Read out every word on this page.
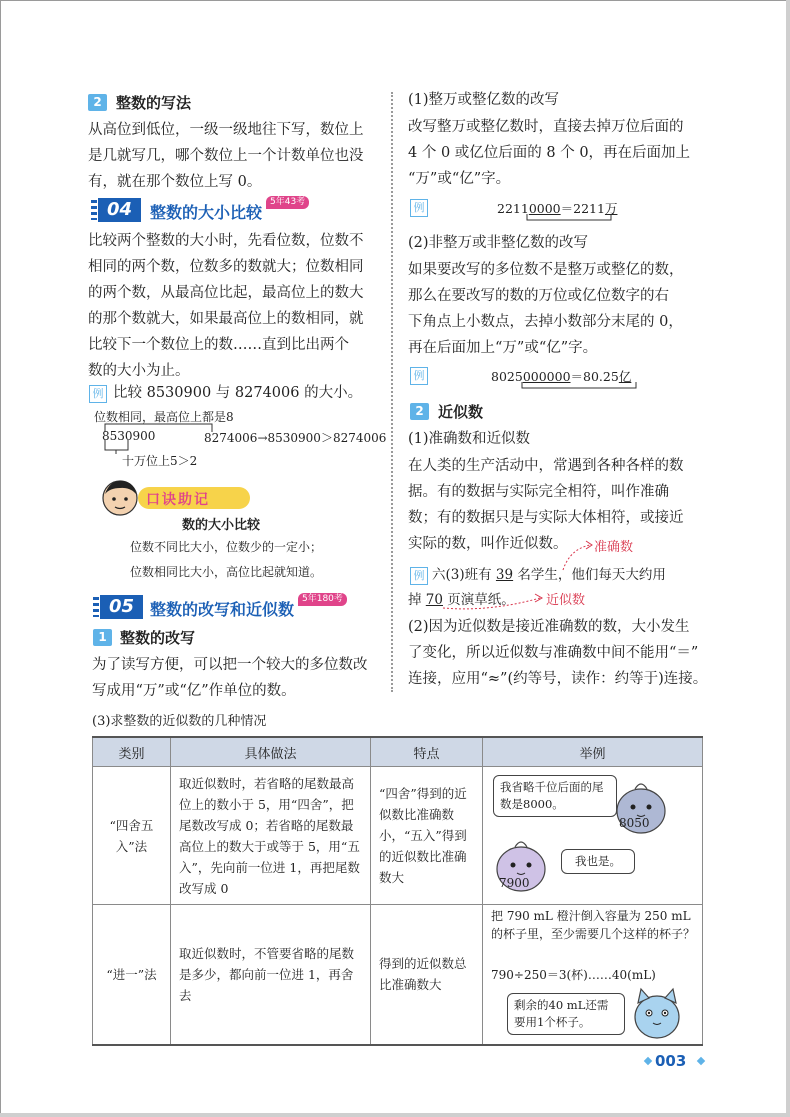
2 整数的写法
从高位到低位，一级一级地往下写，数位上
是几就写几，哪个数位上一个计数单位也没
有，就在那个数位上写 0。
04	整数的大小比较
5年43考
比较两个整数的大小时，先看位数，位数不
相同的两个数，位数多的数就大；位数相同
的两个数，从最高位比起，最高位上的数大
的那个数就大，如果最高位上的数相同，就
比较下一个数位上的数……直到比出两个
数的大小为止。
例 比较 8530900 与 8274006 的大小。
位数相同，最高位上都是8
8530900	8274006→8530900＞8274006
十万位上5＞2
口诀助记
数的大小比较
位数不同比大小，位数少的一定小；
位数相同比大小，高位比起就知道。
05 整数的改写和近似数
5年180考
1 整数的改写
为了读写方便，可以把一个较大的多位数改
写成用“万”或“亿”作单位的数。
(1)整万或整亿数的改写
改写整万或整亿数时，直接去掉万位后面的
4 个 0 或亿位后面的 8 个 0，再在后面加上
“万”或“亿”字。
例	22110000＝2211万
(2)非整万或非整亿数的改写
如果要改写的多位数不是整万或整亿的数，
那么在要改写的数的万位或亿位数字的右
下角点上小数点，去掉小数部分末尾的 0，
再在后面加上“万”或“亿”字。
例	8025000000＝80.25亿
2 近似数
(1)准确数和近似数
在人类的生产活动中，常遇到各种各样的数
据。有的数据与实际完全相符，叫作准确
数；有的数据只是与实际大体相符，或接近
实际的数，叫作近似数。	准确数
例 六(3)班有 39 名学生，他们每天大约用
掉 70 页演草纸。 近似数
(2)因为近似数是接近准确数的数，大小发生
了变化，所以近似数与准确数中间不能用“＝”
连接，应用“≈”(约等号，读作：约等于)连接。
(3)求整数的近似数的几种情况
类别	具体做法	特点	举例
“四舍五入”法	取近似数时，若省略的尾数最高位上的数小于 5，用“四舍”，把尾数改写成 0；若省略的尾数最高位上的数大于或等于 5，用“五入”，先向前一位进 1，再把尾数改写成 0	“四舍”得到的近似数比准确数小，“五入”得到的近似数比准确数大	我省略千位后面的尾数是8000。
8050
7900
我也是。

“进一”法	取近似数时，不管要省略的尾数是多少，都向前一位进 1，再舍去	得到的近似数总比准确数大	把 790 mL 橙汁倒入容量为 250 mL 的杯子里，至少需要几个这样的杯子？
790÷250＝3(杯)……40(mL)
剩余的40 mL还需要用1个杯子。
003
